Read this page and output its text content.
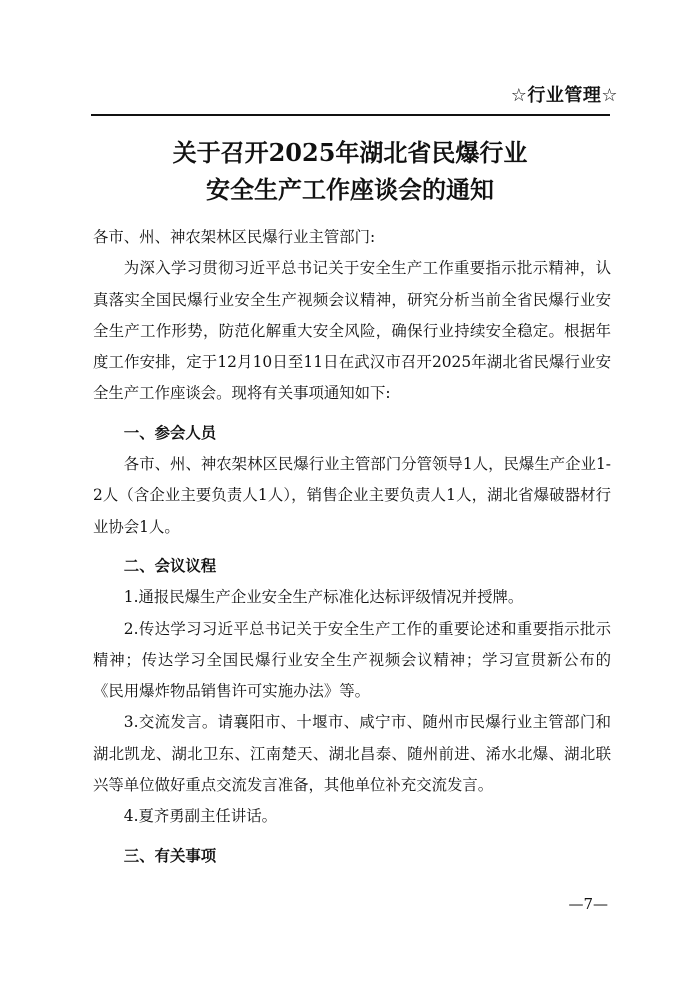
☆行业管理☆
关于召开2025年湖北省民爆行业
安全生产工作座谈会的通知

各市、州、神农架林区民爆行业主管部门:

为深入学习贯彻习近平总书记关于安全生产工作重要指示批示精神，认真落实全国民爆行业安全生产视频会议精神，研究分析当前全省民爆行业安全生产工作形势，防范化解重大安全风险，确保行业持续安全稳定。根据年度工作安排，定于12月10日至11日在武汉市召开2025年湖北省民爆行业安全生产工作座谈会。现将有关事项通知如下:

一、参会人员

各市、州、神农架林区民爆行业主管部门分管领导1人，民爆生产企业1-2人（含企业主要负责人1人），销售企业主要负责人1人，湖北省爆破器材行业协会1人。

二、会议议程

1.通报民爆生产企业安全生产标准化达标评级情况并授牌。

2.传达学习习近平总书记关于安全生产工作的重要论述和重要指示批示精神；传达学习全国民爆行业安全生产视频会议精神；学习宣贯新公布的《民用爆炸物品销售许可实施办法》等。

3.交流发言。请襄阳市、十堰市、咸宁市、随州市民爆行业主管部门和湖北凯龙、湖北卫东、江南楚天、湖北昌泰、随州前进、浠水北爆、湖北联兴等单位做好重点交流发言准备，其他单位补充交流发言。

4.夏齐勇副主任讲话。

三、有关事项

—7—
